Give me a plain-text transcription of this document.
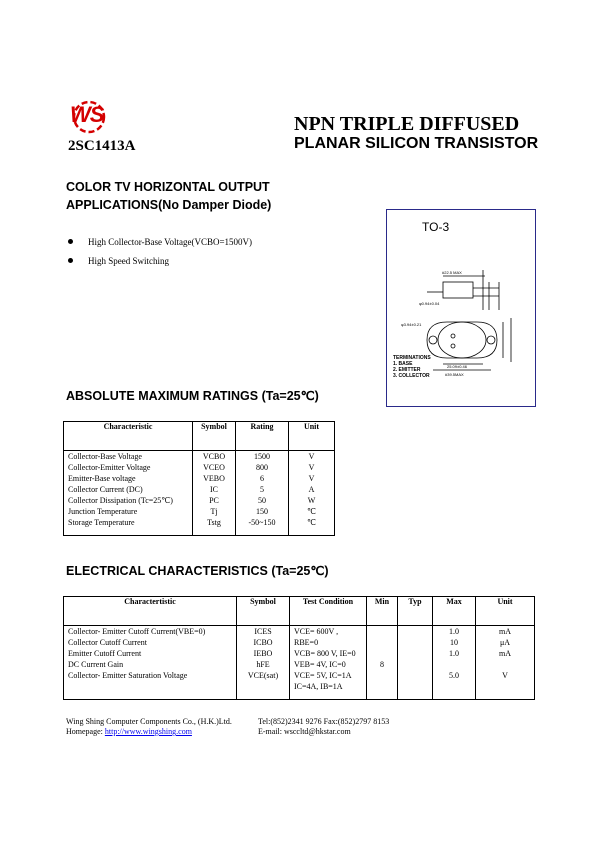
WS
2SC1413A
NPN TRIPLE DIFFUSED
PLANAR SILICON TRANSISTOR
COLOR TV HORIZONTAL OUTPUT
APPLICATIONS(No Damper Diode)
High Collector-Base Voltage(VCBO=1500V)
High Speed Switching
TO-3
#22.5 MAX
φ0.94±0.04
φ3.94±0.21
25.09±0.46
#39.5MAX
TERMINATIONS
1. BASE
2. EMITTER
3. COLLECTOR
ABSOLUTE MAXIMUM RATINGS (Ta=25℃)
Characteristic	Symbol	Rating	Unit
Collector-Base Voltage	VCBO	1500	V
Collector-Emitter Voltage	VCEO	800	V
Emitter-Base voltage	VEBO	6	V
Collector Current (DC)	IC	5	A
Collector Dissipation (Tc=25℃)	PC	50	W
Junction Temperature	Tj	150	℃
Storage Temperature	Tstg	-50~150	℃

ELECTRICAL CHARACTERISTICS (Ta=25℃)
Charactertistic	Symbol	Test Condition	Min	Typ	Max	Unit
Collector- Emitter Cutoff Current(VBE=0)	ICES	VCE= 600V ,			1.0	mA
Collector Cutoff Current	ICBO	RBE=0			10	μA
Emitter Cutoff Current	IEBO	VCB= 800 V, IE=0			1.0	mA
DC Current Gain	hFE	VEB= 4V, IC=0	8			
Collector- Emitter Saturation Voltage	VCE(sat)	VCE= 5V, IC=1A			5.0	V
		IC=4A, IB=1A				

Wing Shing Computer Components Co., (H.K.)Ltd.
Homepage: http://www.wingshing.com
Tel:(852)2341 9276 Fax:(852)2797 8153
E-mail: wsccltd@hkstar.com
